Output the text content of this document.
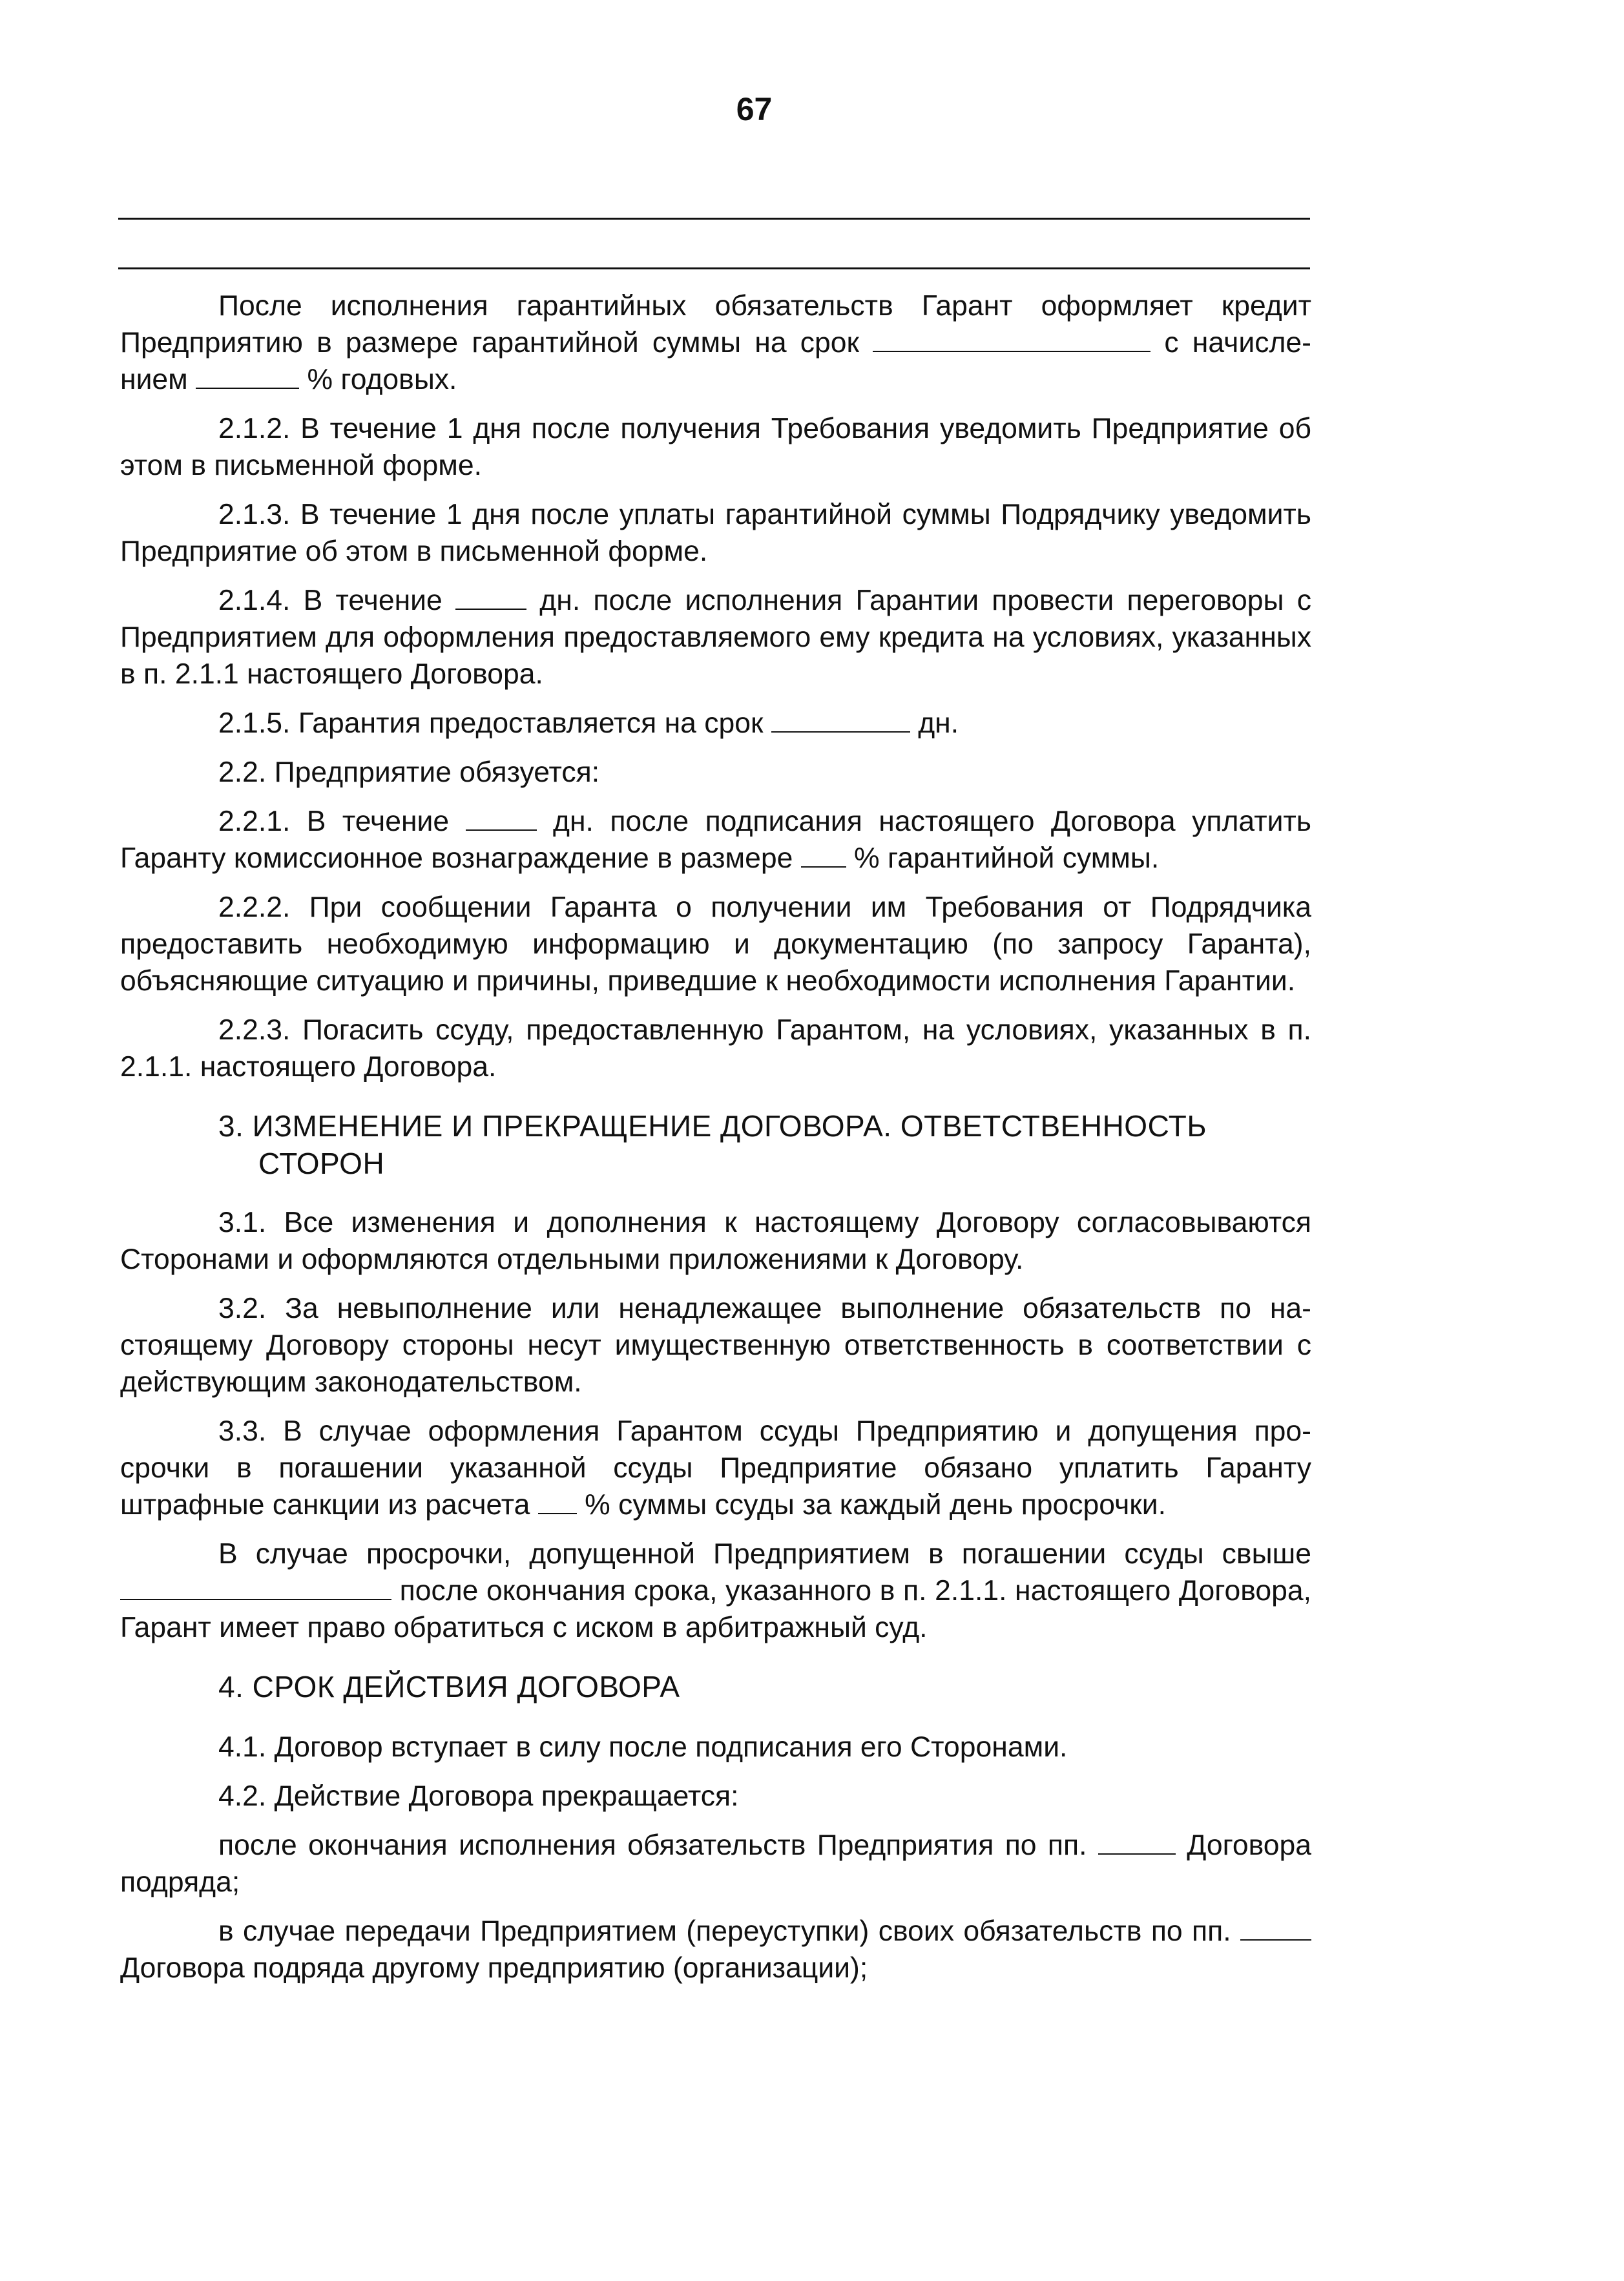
67

После исполнения гарантийных обязательств Гарант оформляет кредит Предприятию в размере гарантийной суммы на срок	с начислением	% годовых.

2.1.2. В течение 1 дня после получения Требования уведомить Предприятие об этом в письменной форме.

2.1.3. В течение 1 дня после уплаты гарантийной суммы Подрядчику уведомить Предприятие об этом в письменной форме.

2.1.4. В течение  дн. после исполнения Гарантии провести переговоры с Предприятием для оформления предоставляемого ему кредита на условиях, указанных в п. 2.1.1 настоящего Договора.

2.1.5. Гарантия предоставляется на срок	дн.

2.2. Предприятие обязуется:

2.2.1. В течение  дн. после подписания настоящего Договора уплатить Гаранту комиссионное вознаграждение в размере  % гарантийной суммы.

2.2.2. При сообщении Гаранта о получении им Требования от Подрядчика предоставить необходимую информацию и документацию (по запросу Гаранта), объясняющие ситуацию и причины, приведшие к необходимости исполнения Гарантии.

2.2.3. Погасить ссуду, предоставленную Гарантом, на условиях, указанных в п. 2.1.1. настоящего Договора.

3. ИЗМЕНЕНИЕ И ПРЕКРАЩЕНИЕ ДОГОВОРА. ОТВЕТСТВЕННОСТЬ
СТОРОН

3.1. Все изменения и дополнения к настоящему Договору согласовываются Сторонами и оформляются отдельными приложениями к Договору.

3.2. За невыполнение или ненадлежащее выполнение обязательств по настоящему Договору стороны несут имущественную ответственность в соответствии с действующим законодательством.

3.3. В случае оформления Гарантом ссуды Предприятию и допущения просрочки в погашении указанной ссуды Предприятие обязано уплатить Гаранту штрафные санкции из расчета  % суммы ссуды за каждый день просрочки.

В случае просрочки, допущенной Предприятием в погашении ссуды свыше  после окончания срока, указанного в п. 2.1.1. настоящего Договора, Гарант имеет право обратиться с иском в арбитражный суд.

4. СРОК ДЕЙСТВИЯ ДОГОВОРА

4.1. Договор вступает в силу после подписания его Сторонами.

4.2. Действие Договора прекращается:

после окончания исполнения обязательств Предприятия по пп.	Договора подряда;

в случае передачи Предприятием (переуступки) своих обязательств по пп.  Договора подряда другому предприятию (организации);
